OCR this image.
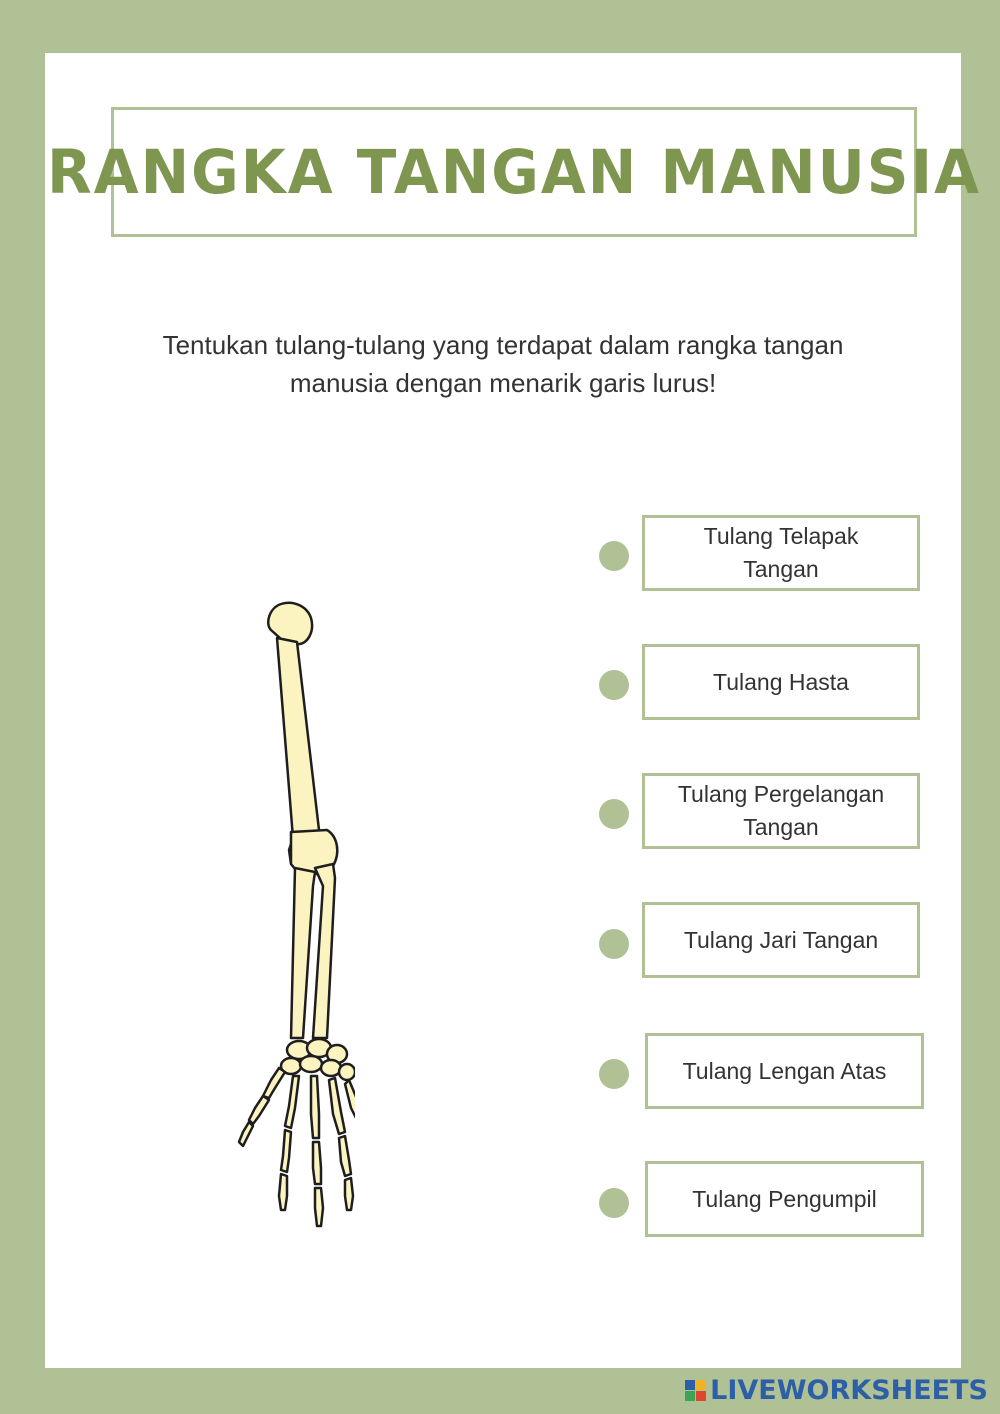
RANGKA TANGAN MANUSIA
Tentukan tulang-tulang yang terdapat dalam rangka tangan manusia dengan menarik garis lurus!
Tulang Telapak Tangan
Tulang Hasta
Tulang Pergelangan Tangan
Tulang Jari Tangan
Tulang Lengan Atas
Tulang Pengumpil
LIVEWORKSHEETS
